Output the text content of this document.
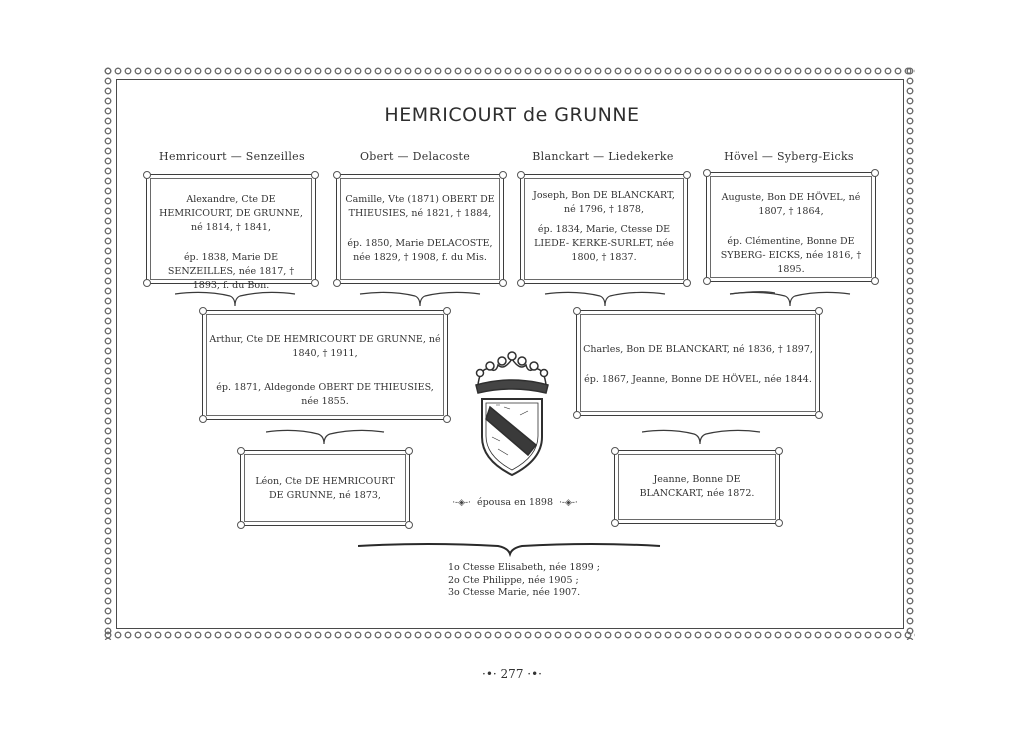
HEMRICOURT de GRUNNE
Hemricourt — Senzeilles	Obert — Delacoste	Blanckart — Liedekerke	Hövel — Syberg-Eicks

Alexandre, Cte DE HEMRICOURT, DE GRUNNE, né 1814, † 1841,

ép. 1838, Marie DE SENZEILLES, née 1817, † 1893, f. du Bon.

Camille, Vte (1871) OBERT DE THIEUSIES, né 1821, † 1884,

ép. 1850, Marie DELACOSTE, née 1829, † 1908, f. du Mis.

Joseph, Bon DE BLANCKART, né 1796, † 1878,

ép. 1834, Marie, Ctesse DE LIEDE- KERKE-SURLET, née 1800, † 1837.

Auguste, Bon DE HÖVEL, né 1807, † 1864,

ép. Clémentine, Bonne DE SYBERG- EICKS, née 1816, † 1895.

Arthur, Cte DE HEMRICOURT DE GRUNNE, né 1840, † 1911,

ép. 1871, Aldegonde OBERT DE THIEUSIES, née 1855.

Charles, Bon DE BLANCKART, né 1836, † 1897,

ép. 1867, Jeanne, Bonne DE HÖVEL, née 1844.

Léon, Cte DE HEMRICOURT DE GRUNNE, né 1873,

Jeanne, Bonne DE BLANCKART, née 1872.

·-◈-· épousa en 1898 ·-◈-·

1o Ctesse Elisabeth, née 1899 ;

2o Cte Philippe, née 1905 ;

3o Ctesse Marie, née 1907.

·•· 277 ·•·
